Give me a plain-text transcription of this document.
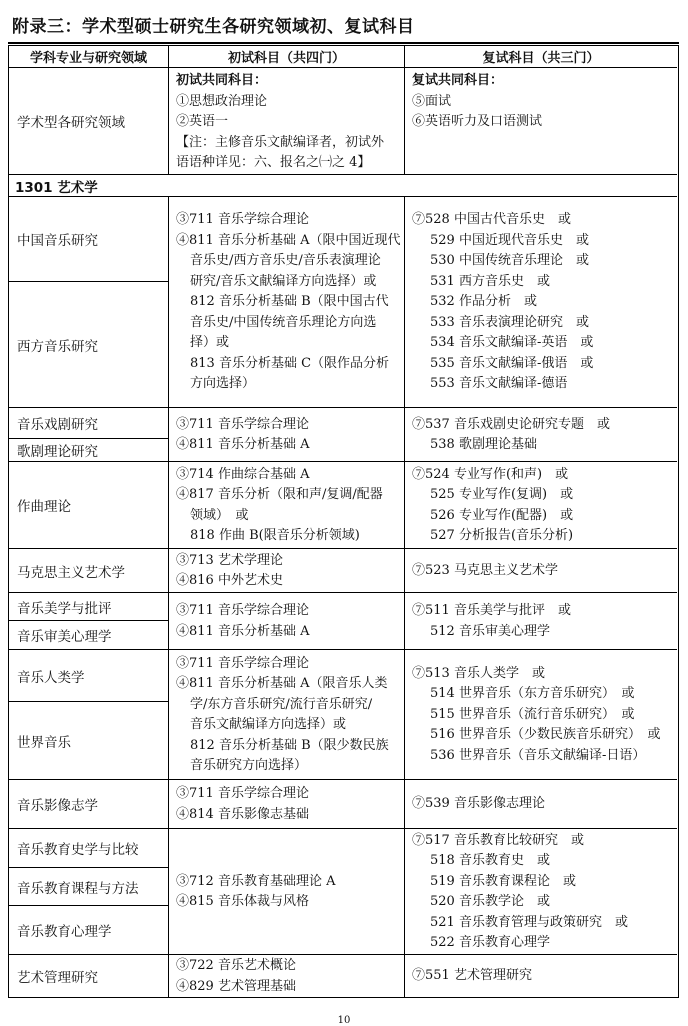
附录三：学术型硕士研究生各研究领域初、复试科目
学科专业与研究领域	初试科目（共四门）	复试科目（共三门）
学术型各研究领域
初试共同科目：
①思想政治理论
②英语一
【注：主修音乐文献编译者，初试外
语语种详见：六、报名之㈠之 4】
复试共同科目：
⑤面试
⑥英语听力及口语测试
1301 艺术学
中国音乐研究
西方音乐研究
③711 音乐学综合理论
④811 音乐分析基础 A（限中国近现代
音乐史/西方音乐史/音乐表演理论
研究/音乐文献编译方向选择）或
812 音乐分析基础 B（限中国古代
音乐史/中国传统音乐理论方向选
择）或
813 音乐分析基础 C（限作品分析
方向选择）
⑦528 中国古代音乐史　或
529 中国近现代音乐史　或
530 中国传统音乐理论　或
531 西方音乐史　或
532 作品分析　或
533 音乐表演理论研究　或
534 音乐文献编译-英语　或
535 音乐文献编译-俄语　或
553 音乐文献编译-德语
音乐戏剧研究
歌剧理论研究
③711 音乐学综合理论
④811 音乐分析基础 A
⑦537 音乐戏剧史论研究专题　或
538 歌剧理论基础
作曲理论
③714 作曲综合基础 A
④817 音乐分析（限和声/复调/配器
领域）　或
818 作曲 B(限音乐分析领域)
⑦524 专业写作(和声)　或
525 专业写作(复调)　或
526 专业写作(配器)　或
527 分析报告(音乐分析)
马克思主义艺术学
③713 艺术学理论
④816 中外艺术史
⑦523 马克思主义艺术学
音乐美学与批评
音乐审美心理学
③711 音乐学综合理论
④811 音乐分析基础 A
⑦511 音乐美学与批评　或
512 音乐审美心理学
音乐人类学
世界音乐
③711 音乐学综合理论
④811 音乐分析基础 A（限音乐人类
学/东方音乐研究/流行音乐研究/
音乐文献编译方向选择）或
812 音乐分析基础 B（限少数民族
音乐研究方向选择）
⑦513 音乐人类学　或
514 世界音乐（东方音乐研究）　或
515 世界音乐（流行音乐研究）　或
516 世界音乐（少数民族音乐研究）　或
536 世界音乐（音乐文献编译-日语）
音乐影像志学
③711 音乐学综合理论
④814 音乐影像志基础
⑦539 音乐影像志理论
音乐教育史学与比较
音乐教育课程与方法
音乐教育心理学
③712 音乐教育基础理论 A
④815 音乐体裁与风格
⑦517 音乐教育比较研究　或
518 音乐教育史　或
519 音乐教育课程论　或
520 音乐教学论　或
521 音乐教育管理与政策研究　或
522 音乐教育心理学
艺术管理研究
③722 音乐艺术概论
④829 艺术管理基础
⑦551 艺术管理研究
10
